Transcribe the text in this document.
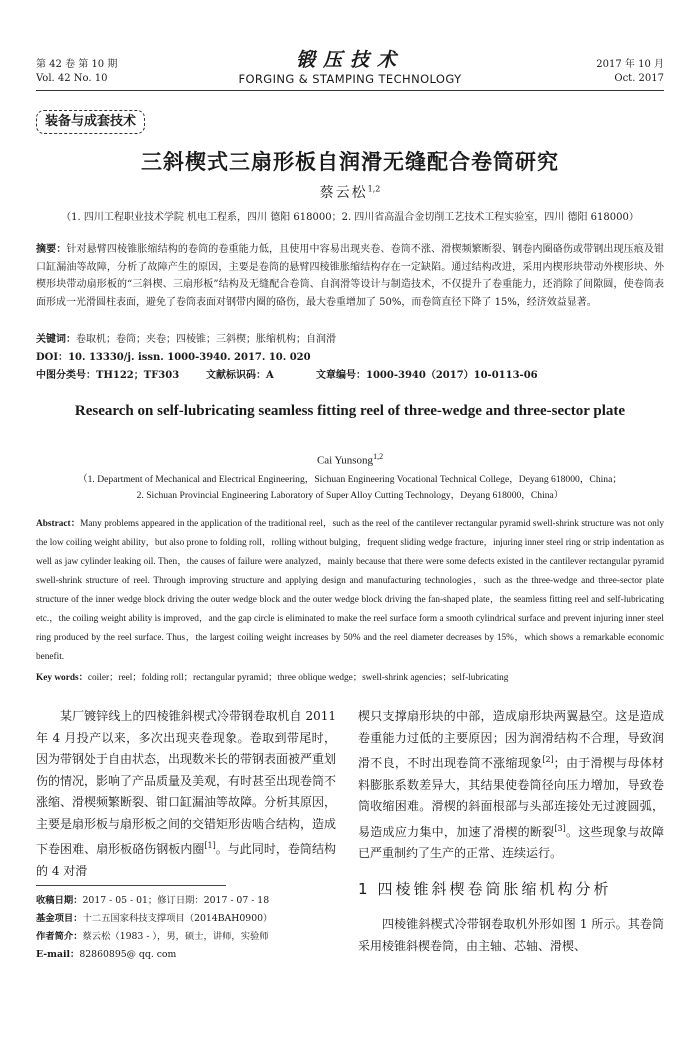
第 42 卷 第 10 期
Vol. 42 No. 10
锻压技术
FORGING & STAMPING TECHNOLOGY
2017 年 10 月
Oct. 2017
装备与成套技术
三斜楔式三扇形板自润滑无缝配合卷筒研究
蔡云松$^{1,2}$
（1. 四川工程职业技术学院 机电工程系，四川 德阳 618000；2. 四川省高温合金切削工艺技术工程实验室，四川 德阳 618000）
摘要：针对悬臂四棱锥胀缩结构的卷筒的卷重能力低，且使用中容易出现夹卷、卷筒不涨、滑楔频繁断裂、钢卷内圈硌伤或带钢出现压痕及钳口缸漏油等故障，分析了故障产生的原因，主要是卷筒的悬臂四棱锥胀缩结构存在一定缺陷。通过结构改进，采用内楔形块带动外楔形块、外楔形块带动扇形板的“三斜楔、三扇形板”结构及无缝配合卷筒、自润滑等设计与制造技术，不仅提升了卷重能力，还消除了间隙圆，使卷筒表面形成一光滑圆柱表面，避免了卷筒表面对钢带内圈的硌伤，最大卷重增加了 50%，而卷筒直径下降了 15%，经济效益显著。
关键词：卷取机；卷筒；夹卷；四棱锥；三斜楔；胀缩机构；自润滑
DOI：10. 13330/j. issn. 1000-3940. 2017. 10. 020
中图分类号：TH122；TF303	文献标识码：A	文章编号：1000-3940（2017）10-0113-06
Research on self-lubricating seamless fitting reel of three-wedge and three-sector plate
Cai Yunsong$^{1,2}$
（1. Department of Mechanical and Electrical Engineering，Sichuan Engineering Vocational Technical College，Deyang 618000，China；
2. Sichuan Provincial Engineering Laboratory of Super Alloy Cutting Technology，Deyang 618000，China）
Abstract：Many problems appeared in the application of the traditional reel，such as the reel of the cantilever rectangular pyramid swell-shrink structure was not only the low coiling weight ability，but also prone to folding roll，rolling without bulging，frequent sliding wedge fracture，injuring inner steel ring or strip indentation as well as jaw cylinder leaking oil. Then，the causes of failure were analyzed，mainly because that there were some defects existed in the cantilever rectangular pyramid swell-shrink structure of reel. Through improving structure and applying design and manufacturing technologies，such as the three-wedge and three-sector plate structure of the inner wedge block driving the outer wedge block and the outer wedge block driving the fan-shaped plate，the seamless fitting reel and self-lubricating etc.，the coiling weight ability is improved，and the gap circle is eliminated to make the reel surface form a smooth cylindrical surface and prevent injuring inner steel ring produced by the reel surface. Thus，the largest coiling weight increases by 50% and the reel diameter decreases by 15%，which shows a remarkable economic benefit.
Key words：coiler；reel；folding roll；rectangular pyramid；three oblique wedge；swell-shrink agencies；self-lubricating
某厂镀锌线上的四棱锥斜楔式冷带钢卷取机自 2011 年 4 月投产以来，多次出现夹卷现象。卷取到带尾时，因为带钢处于自由状态，出现数米长的带钢表面被严重划伤的情况，影响了产品质量及美观，有时甚至出现卷筒不涨缩、滑楔频繁断裂、钳口缸漏油等故障。分析其原因，主要是扇形板与扇形板之间的交错矩形齿啮合结构，造成下卷困难、扇形板硌伤钢板内圈[1]。与此同时，卷筒结构的 4 对滑
楔只支撑扇形块的中部，造成扇形块两翼悬空。这是造成卷重能力过低的主要原因；因为润滑结构不合理，导致润滑不良，不时出现卷筒不涨缩现象[2]；由于滑楔与母体材料膨胀系数差异大，其结果使卷筒径向压力增加，导致卷筒收缩困难。滑楔的斜面根部与头部连接处无过渡圆弧，易造成应力集中，加速了滑楔的断裂[3]。这些现象与故障已严重制约了生产的正常、连续运行。
1 四棱锥斜楔卷筒胀缩机构分析
四棱锥斜楔式冷带钢卷取机外形如图 1 所示。其卷筒采用棱锥斜楔卷筒，由主轴、芯轴、滑楔、
收稿日期：2017 - 05 - 01；修订日期：2017 - 07 - 18
基金项目：十二五国家科技支撑项目（2014BAH0900）
作者简介：蔡云松（1983 - ），男，硕士，讲师，实验师
E-mail：82860895@ qq. com
